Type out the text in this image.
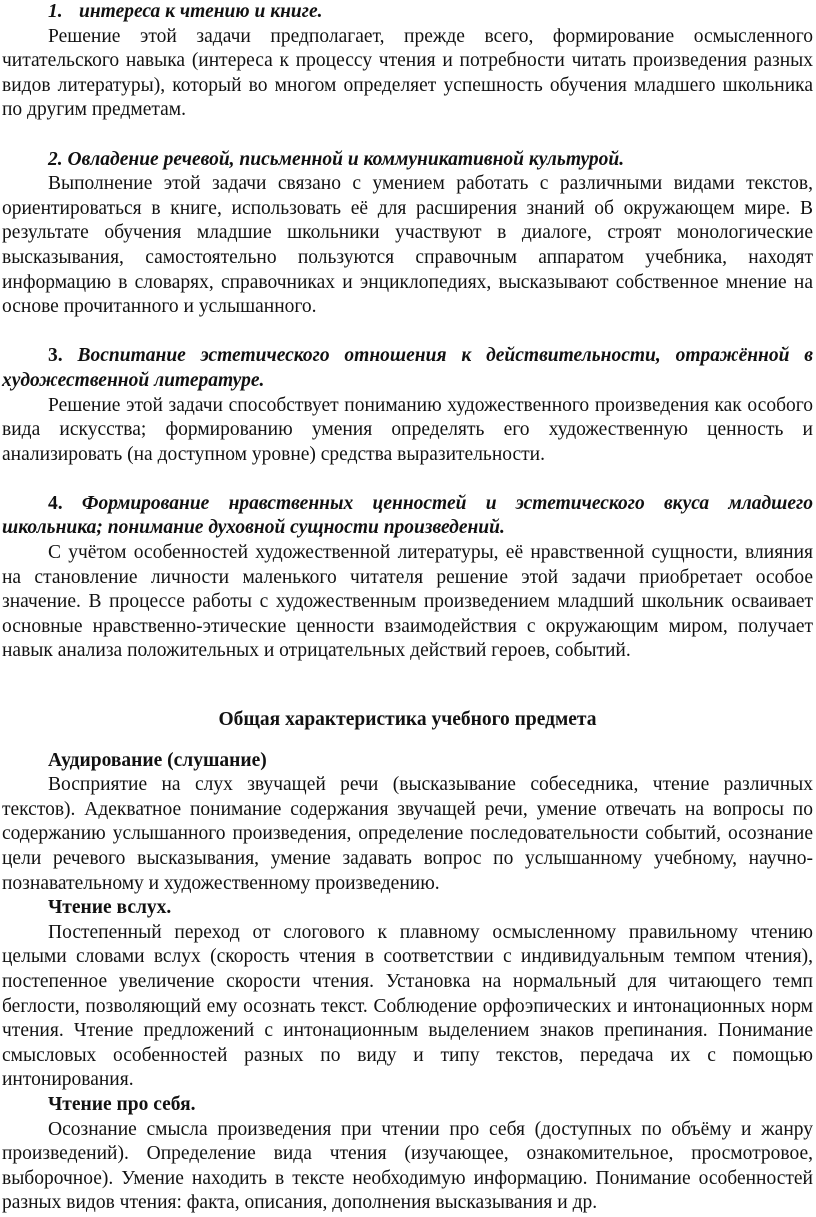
1. интереса к чтению и книге.

Решение этой задачи предполагает, прежде всего, формирование осмысленного читательского навыка (интереса к процессу чтения и потребности читать произведения разных видов литературы), который во многом определяет успешность обучения младшего школьника по другим предметам.

2. Овладение речевой, письменной и коммуникативной культурой.

Выполнение этой задачи связано с умением работать с различными видами текстов, ориентироваться в книге, использовать её для расширения знаний об окружающем мире. В результате обучения младшие школьники участвуют в диалоге, строят монологические высказывания, самостоятельно пользуются справочным аппаратом учебника, находят информацию в словарях, справочниках и энциклопедиях, высказывают собственное мнение на основе прочитанного и услышанного.

3. Воспитание эстетического отношения к действительности, отражённой в художественной литературе.

Решение этой задачи способствует пониманию художественного произведения как особого вида искусства; формированию умения определять его художественную ценность и анализировать (на доступном уровне) средства выразительности.

4. Формирование нравственных ценностей и эстетического вкуса младшего школьника; понимание духовной сущности произведений.

С учётом особенностей художественной литературы, её нравственной сущности, влияния на становление личности маленького читателя решение этой задачи приобретает особое значение. В процессе работы с художественным произведением младший школьник осваивает основные нравственно-этические ценности взаимодействия с окружающим миром, получает навык анализа положительных и отрицательных действий героев, событий.

Общая характеристика учебного предмета

Аудирование (слушание)

Восприятие на слух звучащей речи (высказывание собеседника, чтение различных текстов). Адекватное понимание содержания звучащей речи, умение отвечать на вопросы по содержанию услышанного произведения, определение последовательности событий, осознание цели речевого высказывания, умение задавать вопрос по услышанному учебному, научно-познавательному и художественному произведению.

Чтение вслух.

Постепенный переход от слогового к плавному осмысленному правильному чтению целыми словами вслух (скорость чтения в соответствии с индивидуальным темпом чтения), постепенное увеличение скорости чтения. Установка на нормальный для читающего темп беглости, позволяющий ему осознать текст. Соблюдение орфоэпических и интонационных норм чтения. Чтение предложений с интонационным выделением знаков препинания. Понимание смысловых особенностей разных по виду и типу текстов, передача их с помощью интонирования.

Чтение про себя.

Осознание смысла произведения при чтении про себя (доступных по объёму и жанру произведений). Определение вида чтения (изучающее, ознакомительное, просмотровое, выборочное). Умение находить в тексте необходимую информацию. Понимание особенностей разных видов чтения: факта, описания, дополнения высказывания и др.
